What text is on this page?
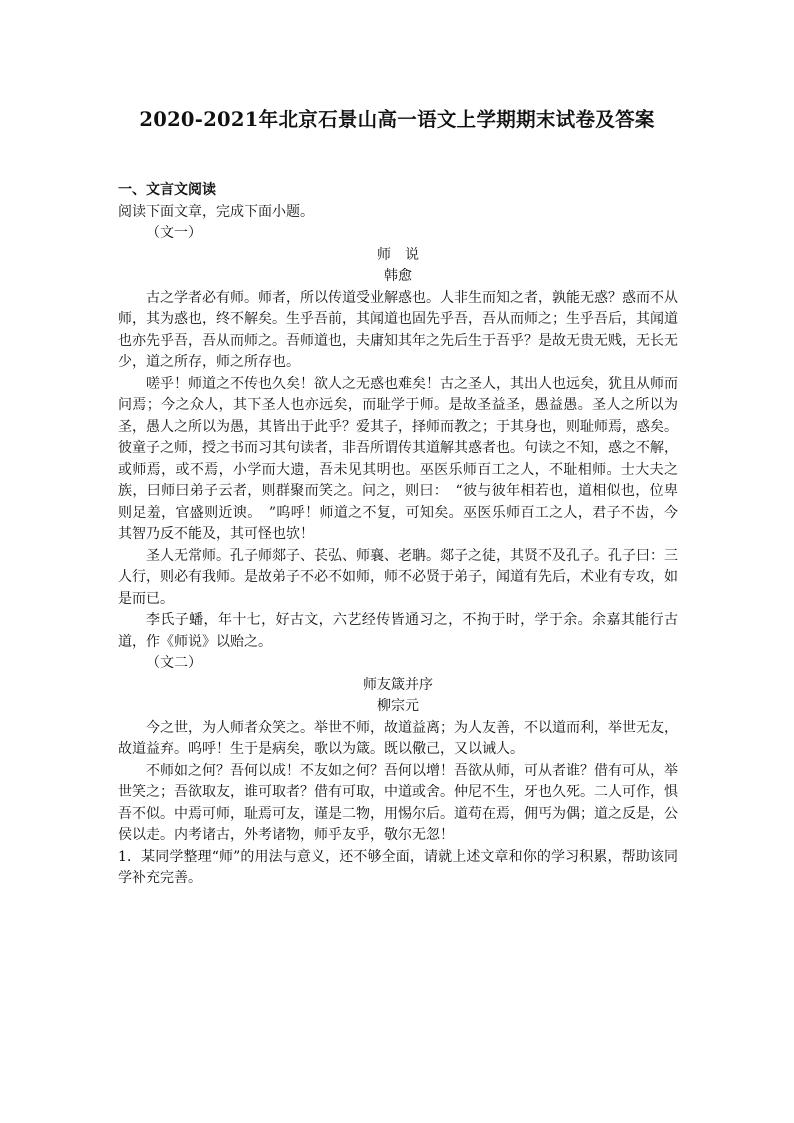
2020-2021年北京石景山高一语文上学期期末试卷及答案

一、文言文阅读

阅读下面文章，完成下面小题。

（文一）

师　说

韩愈

古之学者必有师。师者，所以传道受业解惑也。人非生而知之者，孰能无惑？惑而不从师，其为惑也，终不解矣。生乎吾前，其闻道也固先乎吾，吾从而师之；生乎吾后，其闻道也亦先乎吾，吾从而师之。吾师道也，夫庸知其年之先后生于吾乎？是故无贵无贱，无长无少，道之所存，师之所存也。

嗟乎！师道之不传也久矣！欲人之无惑也难矣！古之圣人，其出人也远矣，犹且从师而问焉；今之众人，其下圣人也亦远矣，而耻学于师。是故圣益圣，愚益愚。圣人之所以为圣，愚人之所以为愚，其皆出于此乎？爱其子，择师而教之；于其身也，则耻师焉，惑矣。彼童子之师，授之书而习其句读者，非吾所谓传其道解其惑者也。句读之不知，惑之不解，或师焉，或不焉，小学而大遗，吾未见其明也。巫医乐师百工之人，不耻相师。士大夫之族，曰师曰弟子云者，则群聚而笑之。问之，则曰：　“彼与彼年相若也，道相似也，位卑则足羞，官盛则近谀。　”呜呼！师道之不复，可知矣。巫医乐师百工之人，君子不齿，今其智乃反不能及，其可怪也欤！

圣人无常师。孔子师郯子、苌弘、师襄、老聃。郯子之徒，其贤不及孔子。孔子曰：三人行，则必有我师。是故弟子不必不如师，师不必贤于弟子，闻道有先后，术业有专攻，如是而已。

李氏子蟠，年十七，好古文，六艺经传皆通习之，不拘于时，学于余。余嘉其能行古道，作《师说》以贻之。

（文二）

师友箴并序

柳宗元

今之世，为人师者众笑之。举世不师，故道益离；为人友善，不以道而利，举世无友，故道益弃。呜呼！生于是病矣，歌以为箴。既以儆己，又以诫人。

不师如之何？吾何以成！不友如之何？吾何以增！吾欲从师，可从者谁？借有可从，举世笑之；吾欲取友，谁可取者？借有可取，中道或舍。仲尼不生，牙也久死。二人可作，惧吾不似。中焉可师，耻焉可友，谨是二物，用惕尔后。道苟在焉，佣丐为偶；道之反是，公侯以走。内考诸古，外考诸物，师乎友乎，敬尔无忽！

1．某同学整理“师”的用法与意义，还不够全面，请就上述文章和你的学习积累，帮助该同学补充完善。
